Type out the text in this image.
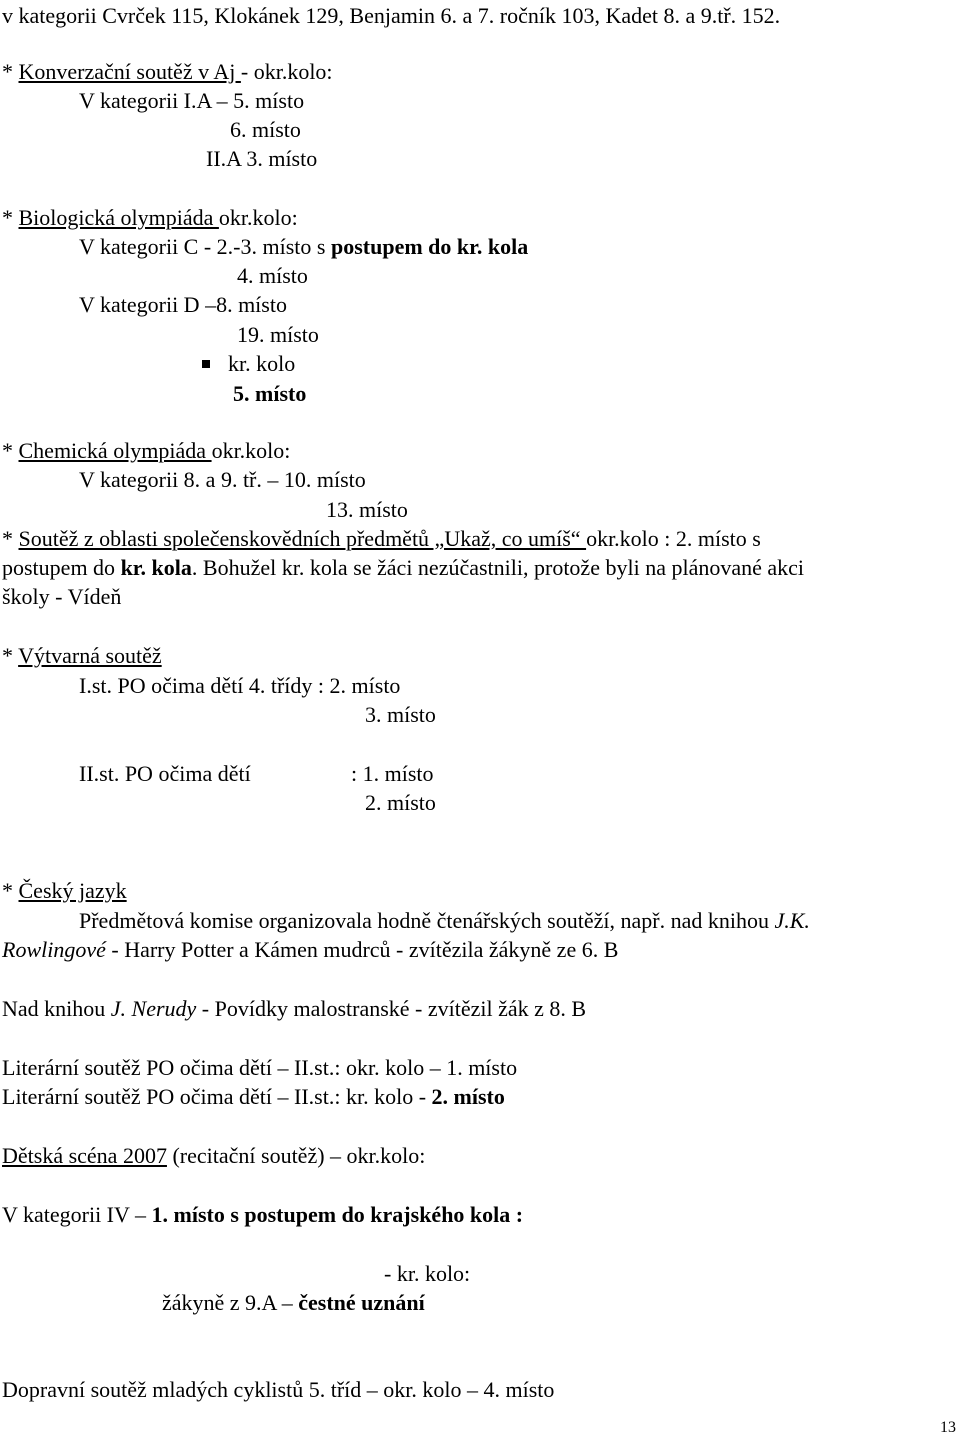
v kategorii Cvrček 115, Klokánek 129, Benjamin 6. a 7. ročník 103, Kadet 8. a 9.tř. 152.

* Konverzační soutěž v Aj - okr.kolo:

V kategorii I.A – 5. místo

6. místo

II.A 3. místo

* Biologická olympiáda okr.kolo:

V kategorii C - 2.-3. místo s postupem do kr. kola

4. místo

V kategorii D –8. místo

19. místo

kr. kolo

5. místo

* Chemická olympiáda okr.kolo:

V kategorii 8. a 9. tř. – 10. místo

13. místo

* Soutěž z oblasti společenskovědních předmětů „Ukaž, co umíš“ okr.kolo : 2. místo s

postupem do kr. kola. Bohužel kr. kola se žáci nezúčastnili, protože byli na plánované akci

školy - Vídeň

* Výtvarná soutěž

I.st. PO očima dětí 4. třídy : 2. místo

3. místo

II.st. PO očima dětí	: 1. místo

2. místo

* Český jazyk

Předmětová komise organizovala hodně čtenářských soutěží, např. nad knihou J.K.

Rowlingové - Harry Potter a Kámen mudrců - zvítězila žákyně ze 6. B

Nad knihou J. Nerudy - Povídky malostranské - zvítězil žák z 8. B

Literární soutěž PO očima dětí – II.st.: okr. kolo – 1. místo

Literární soutěž PO očima dětí – II.st.: kr. kolo - 2. místo

Dětská scéna 2007 (recitační soutěž) – okr.kolo:

V kategorii IV – 1. místo s postupem do krajského kola :

- kr. kolo:

žákyně z 9.A – čestné uznání

Dopravní soutěž mladých cyklistů 5. tříd – okr. kolo – 4. místo

13
